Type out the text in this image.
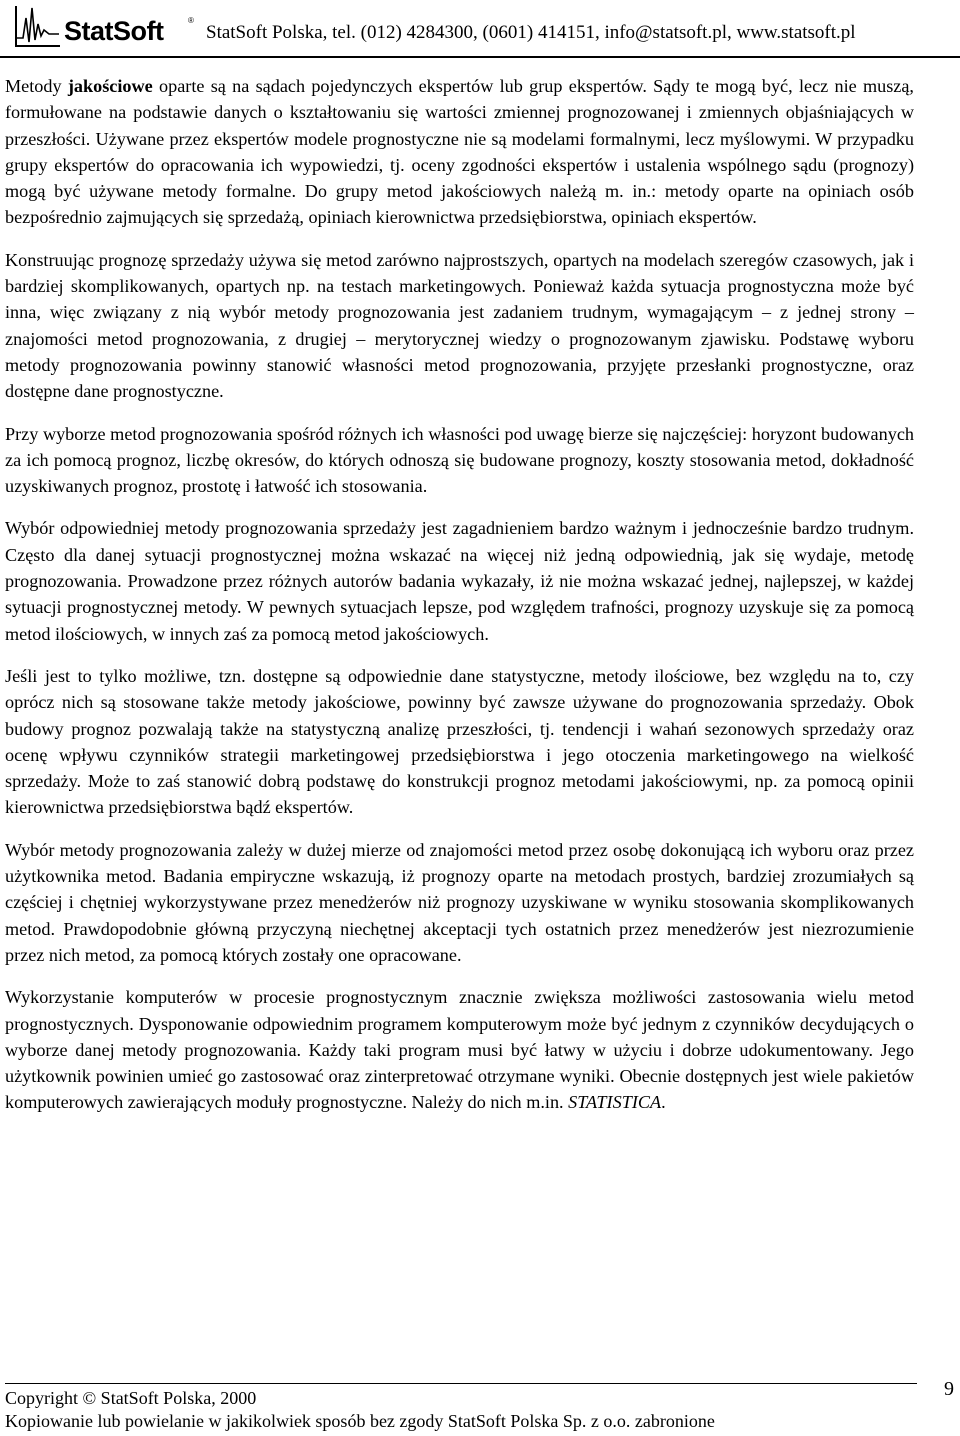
StatSoft	®
StatSoft Polska, tel. (012) 4284300, (0601) 414151, info@statsoft.pl, www.statsoft.pl

Metody jakościowe oparte są na sądach pojedynczych ekspertów lub grup ekspertów. Sądy te mogą być, lecz nie muszą, formułowane na podstawie danych o kształtowaniu się wartości zmiennej prognozowanej i zmiennych objaśniających w przeszłości. Używane przez ekspertów modele prognostyczne nie są modelami formalnymi, lecz myślowymi. W przypadku grupy ekspertów do opracowania ich wypowiedzi, tj. oceny zgodności ekspertów i ustalenia wspólnego sądu (prognozy) mogą być używane metody formalne. Do grupy metod jakościowych należą m. in.: metody oparte na opiniach osób bezpośrednio zajmujących się sprzedażą, opiniach kierownictwa przedsiębiorstwa, opiniach ekspertów.

Konstruując prognozę sprzedaży używa się metod zarówno najprostszych, opartych na modelach szeregów czasowych, jak i bardziej skomplikowanych, opartych np. na testach marketingowych. Ponieważ każda sytuacja prognostyczna może być inna, więc związany z nią wybór metody prognozowania jest zadaniem trudnym, wymagającym – z jednej strony – znajomości metod prognozowania, z drugiej – merytorycznej wiedzy o prognozowanym zjawisku. Podstawę wyboru metody prognozowania powinny stanowić własności metod prognozowania, przyjęte przesłanki prognostyczne, oraz dostępne dane prognostyczne.

Przy wyborze metod prognozowania spośród różnych ich własności pod uwagę bierze się najczęściej: horyzont budowanych za ich pomocą prognoz, liczbę okresów, do których odnoszą się budowane prognozy, koszty stosowania metod, dokładność uzyskiwanych prognoz, prostotę i łatwość ich stosowania.

Wybór odpowiedniej metody prognozowania sprzedaży jest zagadnieniem bardzo ważnym i jednocześnie bardzo trudnym. Często dla danej sytuacji prognostycznej można wskazać na więcej niż jedną odpowiednią, jak się wydaje, metodę prognozowania. Prowadzone przez różnych autorów badania wykazały, iż nie można wskazać jednej, najlepszej, w każdej sytuacji prognostycznej metody. W pewnych sytuacjach lepsze, pod względem trafności, prognozy uzyskuje się za pomocą metod ilościowych, w innych zaś za pomocą metod jakościowych.

Jeśli jest to tylko możliwe, tzn. dostępne są odpowiednie dane statystyczne, metody ilościowe, bez względu na to, czy oprócz nich są stosowane także metody jakościowe, powinny być zawsze używane do prognozowania sprzedaży. Obok budowy prognoz pozwalają także na statystyczną analizę przeszłości, tj. tendencji i wahań sezonowych sprzedaży oraz ocenę wpływu czynników strategii marketingowej przedsiębiorstwa i jego otoczenia marketingowego na wielkość sprzedaży. Może to zaś stanowić dobrą podstawę do konstrukcji prognoz metodami jakościowymi, np. za pomocą opinii kierownictwa przedsiębiorstwa bądź ekspertów.

Wybór metody prognozowania zależy w dużej mierze od znajomości metod przez osobę dokonującą ich wyboru oraz przez użytkownika metod. Badania empiryczne wskazują, iż prognozy oparte na metodach prostych, bardziej zrozumiałych są częściej i chętniej wykorzystywane przez menedżerów niż prognozy uzyskiwane w wyniku stosowania skomplikowanych metod. Prawdopodobnie główną przyczyną niechętnej akceptacji tych ostatnich przez menedżerów jest niezrozumienie przez nich metod, za pomocą których zostały one opracowane.

Wykorzystanie komputerów w procesie prognostycznym znacznie zwiększa możliwości zastosowania wielu metod prognostycznych. Dysponowanie odpowiednim programem komputerowym może być jednym z czynników decydujących o wyborze danej metody prognozowania. Każdy taki program musi być łatwy w użyciu i dobrze udokumentowany. Jego użytkownik powinien umieć go zastosować oraz zinterpretować otrzymane wyniki. Obecnie dostępnych jest wiele pakietów komputerowych zawierających moduły prognostyczne. Należy do nich m.in. STATISTICA.

Copyright © StatSoft Polska, 2000
Kopiowanie lub powielanie w jakikolwiek sposób bez zgody StatSoft Polska Sp. z o.o. zabronione
9
